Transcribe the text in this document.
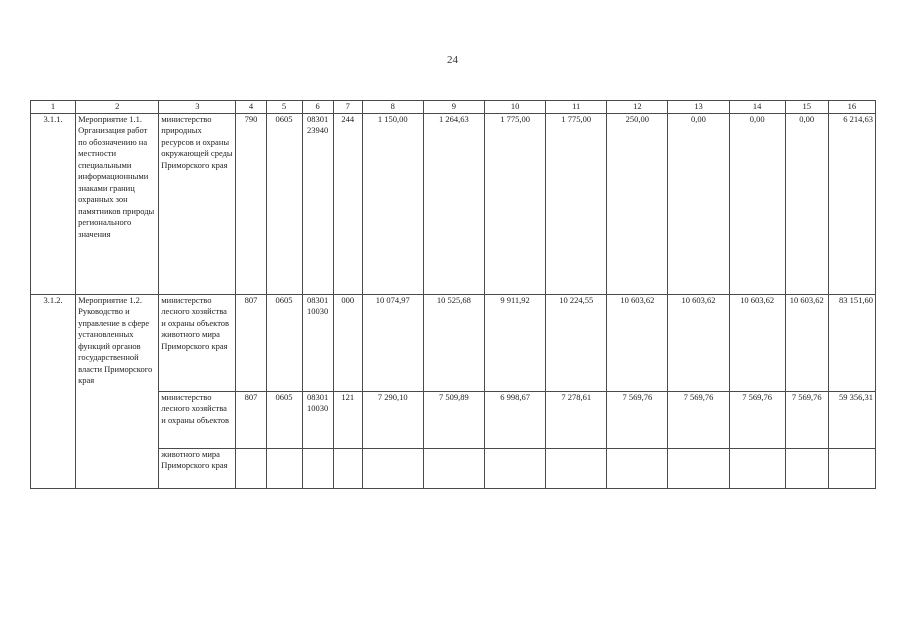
24
1	2	3	4	5	6	7	8	9	10	11	12	13	14	15	16
3.1.1.	Мероприятие 1.1. Организация работ по обозначению на местности специальными информационными знаками границ охранных зон памятников природы регионального значения	министерство природных ресурсов и охраны окружающей среды Приморского края	790	0605	08301 23940	244	1 150,00	1 264,63	1 775,00	1 775,00	250,00	0,00	0,00	0,00	6 214,63
3.1.2.	Мероприятие 1.2. Руководство и управление в сфере установленных функций органов государственной власти Приморского края	министерство лесного хозяйства и охраны объектов животного мира Приморского края	807	0605	08301 10030	000	10 074,97	10 525,68	9 911,92	10 224,55	10 603,62	10 603,62	10 603,62	10 603,62	83 151,60
		министерство лесного хозяйства и охраны объектов	807	0605	08301 10030	121	7 290,10	7 509,89	6 998,67	7 278,61	7 569,76	7 569,76	7 569,76	7 569,76	59 356,31
		животного мира Приморского края													
